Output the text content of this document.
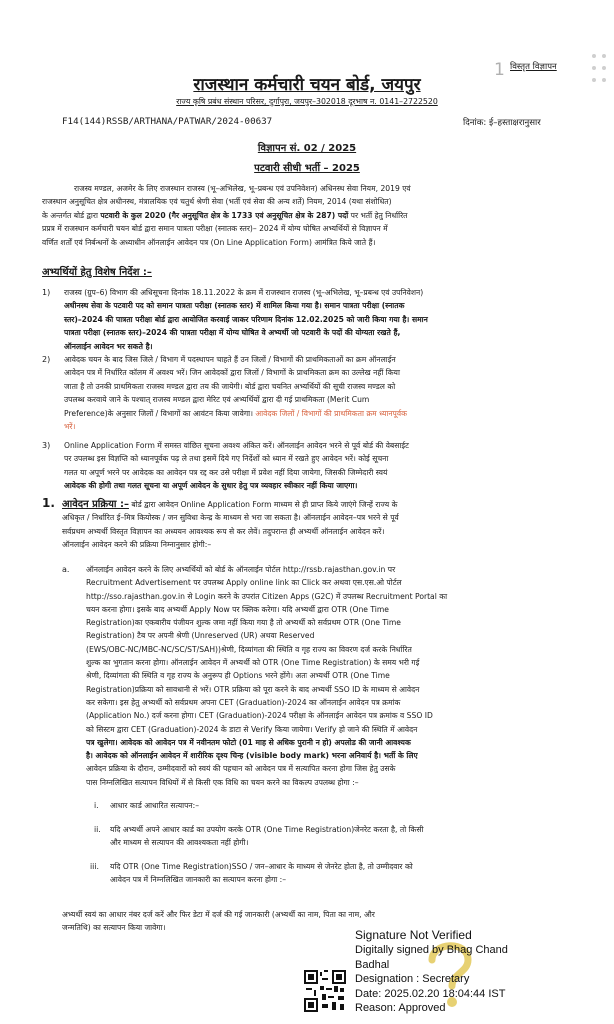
1 विस्तृत विज्ञापन
राजस्थान कर्मचारी चयन बोर्ड, जयपुर
राज्य कृषि प्रबंध संस्थान परिसर, दुर्गापुरा, जयपुर–302018 दूरभाष न. 0141–2722520
F14(144)RSSB/ARTHANA/PATWAR/2024-00637	दिनांक: ई–हस्ताक्षरानुसार
विज्ञापन सं. 02 / 2025
पटवारी सीधी भर्ती – 2025
राजस्व मण्डल, अजमेर के लिए राजस्थान राजस्व (भू–अभिलेख, भू–प्रबन्ध एवं उपनिवेशन) अधिनस्थ सेवा नियम, 2019 एवं
राजस्थान अनुसूचित क्षेत्र अधीनस्थ, मंत्रालयिक एवं चतुर्थ श्रेणी सेवा (भर्ती एवं सेवा की अन्य शर्ते) नियम, 2014 (यथा संशोधित)
के अन्तर्गत बोर्ड द्वारा पटवारी के कुल 2020 (गैर अनुसूचित क्षेत्र के 1733 एवं अनुसूचित क्षेत्र के 287) पदों पर भर्ती हेतु निर्धारित
प्रप्रत्र में राजस्थान कर्मचारी चयन बोर्ड द्वारा समान पात्रता परीक्षा (स्नातक स्तर)– 2024 में योग्य घोषित अभ्यर्थियों से विज्ञापन में
वर्णित शर्तों एवं निर्बन्धनों के अध्याधीन ऑनलाईन आवेदन पत्र (On Line Application Form) आमंत्रित किये जाते हैं।
अभ्यर्थियों हेतु विशेष निर्देश :–
1) राजस्व (ग्रुप–6) विभाग की अधिसूचना दिनांक 18.11.2022 के क्रम में राजस्थान राजस्व (भू–अभिलेख, भू–प्रबन्ध एवं उपनिवेशन)
अधीनस्थ सेवा के पटवारी पद को समान पात्रता परीक्षा (स्नातक स्तर) में शामिल किया गया है। समान पात्रता परीक्षा (स्नातक
स्तर)–2024 की पात्रता परीक्षा बोर्ड द्वारा आयोजित करवाई जाकर परिणाम दिनांक 12.02.2025 को जारी किया गया है। समान
पात्रता परीक्षा (स्नातक स्तर)–2024 की पात्रता परीक्षा में योग्य घोषित वे अभ्यर्थी जो पटवारी के पदों की योग्यता रखते हैं,
ऑनलाईन आवेदन भर सकते है।
2) आवेदक चयन के बाद जिस जिले / विभाग में पदस्थापन चाहते हैं उन जिलों / विभागों की प्राथमिकताओं का क्रम ऑनलाईन
आवेदन पत्र में निर्धारित कॉलम में अवश्य भरें। जिन आवेदकों द्वारा जिलों / विभागों के प्राथमिकता क्रम का उल्लेख नहीं किया
जाता है तो उनकी प्राथमिकता राजस्व मण्डल द्वारा तय की जायेगी। बोर्ड द्वारा चयनित अभ्यर्थियों की सूची राजस्व मण्डल को
उपलब्ध करवाये जाने के पश्चात् राजस्व मण्डल द्वारा मेरिट एवं अभ्यर्थियों द्वारा दी गई प्राथमिकता (Merit Cum
Preference)के अनुसार जिलों / विभागों का आवंटन किया जावेगा। आवेदक जिलों / विभागों की प्राथमिकता क्रम ध्यानपूर्वक
भरें।
3) Online Application Form में समस्त वांछित सूचना अवश्य अंकित करें। ऑनलाईन आवेदन भरने से पूर्व बोर्ड की वेबसाईट
पर उपलब्ध इस विज्ञप्ति को ध्यानपूर्वक पढ़ ले तथा इसमें दिये गए निर्देशों को ध्यान में रखते हुए आवेदन भरें। कोई सूचना
गलत या अपूर्ण भरने पर आवेदक का आवेदन पत्र रद्द कर उसे परीक्षा में प्रवेश नहीं दिया जायेगा, जिसकी जिम्मेदारी स्वयं
आवेदक की होगी तथा गलत सूचना या अपूर्ण आवेदन के सुधार हेतु पत्र व्यवहार स्वीकार नहीं किया जाएगा।
1. आवेदन प्रक्रिया :– बोर्ड द्वारा आवेदन Online Application Form माध्यम से ही प्राप्त किये जाएंगे जिन्हें राज्य के
अधिकृत / निर्धारित ई–मित्र कियोस्क / जन सुविधा केन्द्र के माध्यम से भरा जा सकता है। ऑनलाईन आवेदन–पत्र भरने से पूर्व
सर्वप्रथम अभ्यर्थी विस्तृत विज्ञापन का अध्ययन आवश्यक रूप से कर लेवें। तदुपरान्त ही अभ्यर्थी ऑनलाईन आवेदन करें।
ऑनलाईन आवेदन करने की प्रक्रिया निम्नानुसार होगी:–
a. ऑनलाईन आवेदन करने के लिए अभ्यर्थियों को बोर्ड के ऑनलाईन पोर्टल http://rssb.rajasthan.gov.in पर
Recruitment Advertisement पर उपलब्ध Apply online link का Click कर अथवा एस.एस.ओ पोर्टल
http://sso.rajasthan.gov.in से Login करने के उपरांत Citizen Apps (G2C) में उपलब्ध Recruitment Portal का
चयन करना होगा। इसके बाद अभ्यर्थी Apply Now पर क्लिक करेगा। यदि अभ्यर्थी द्वारा OTR (One Time
Registration)का एकबारीय पंजीयन शुल्क जमा नहीं किया गया है तो अभ्यर्थी को सर्वप्रथम OTR (One Time
Registration) टैब पर अपनी श्रेणी (Unreserved (UR) अथवा Reserved
(EWS/OBC-NC/MBC-NC/SC/ST/SAH))श्रेणी, दिव्यांगता की स्थिति व गृह राज्य का विवरण दर्ज करके निर्धारित
शुल्क का भुगतान करना होगा। ऑनलाईन आवेदन में अभ्यर्थी को OTR (One Time Registration) के समय भरी गई
श्रेणी, दिव्यांगता की स्थिति व गृह राज्य के अनुरूप ही Options भरने होंगे। अतः अभ्यर्थी OTR (One Time
Registration)प्रक्रिया को सावधानी से भरें। OTR प्रक्रिया को पूरा करने के बाद अभ्यर्थी SSO ID के माध्यम से आवेदन
कर सकेगा। इस हेतु अभ्यर्थी को सर्वप्रथम अपना CET (Graduation)-2024 का ऑनलाईन आवेदन पत्र क्रमांक
(Application No.) दर्ज करना होगा। CET (Graduation)-2024 परीक्षा के ऑनलाईन आवेदन पत्र क्रमांक व SSO ID
को सिस्टम द्वारा CET (Graduation)-2024 के डाटा से Verify किया जायेगा। Verify हो जाने की स्थिति में आवेदन
पत्र खुलेगा। आवेदक को आवेदन पत्र में नवीनतम फोटो (01 माह से अधिक पुरानी न हो) अपलोड की जानी आवश्यक
है। आवेदक को ऑनलाईन आवेदन में शारीरिक दृश्य चिन्ह (visible body mark) भरना अनिवार्य है। भर्ती के लिए
आवेदन प्रक्रिया के दौरान, उम्मीदवारों को स्वयं की पहचान को आवेदन पत्र में सत्यापित करना होगा जिस हेतु उसके
पास निम्नलिखित सत्यापन विधियों में से किसी एक विधि का चयन करने का विकल्प उपलब्ध होगा :–
i. आधार कार्ड आधारित सत्यापन:–
ii. यदि अभ्यर्थी अपने आधार कार्ड का उपयोग करके OTR (One Time Registration)जेनरेट करता है, तो किसी
और माध्यम से सत्यापन की आवश्यकता नहीं होगी।
iii. यदि OTR (One Time Registration)SSO / जन–आधार के माध्यम से जेनरेट होता है, तो उम्मीदवार को
आवेदन पत्र में निम्नलिखित जानकारी का सत्यापन करना होगा :–
अभ्यर्थी स्वयं का आधार नंबर दर्ज करें और फिर डेटा में दर्ज की गई जानकारी (अभ्यर्थी का नाम, पिता का नाम, और
जन्मतिथि) का सत्यापन किया जावेगा।
Signature Not Verified
Digitally signed by Bhag Chand
Badhal
Designation : Secretary
Date: 2025.02.20 18:04:44 IST
Reason: Approved
